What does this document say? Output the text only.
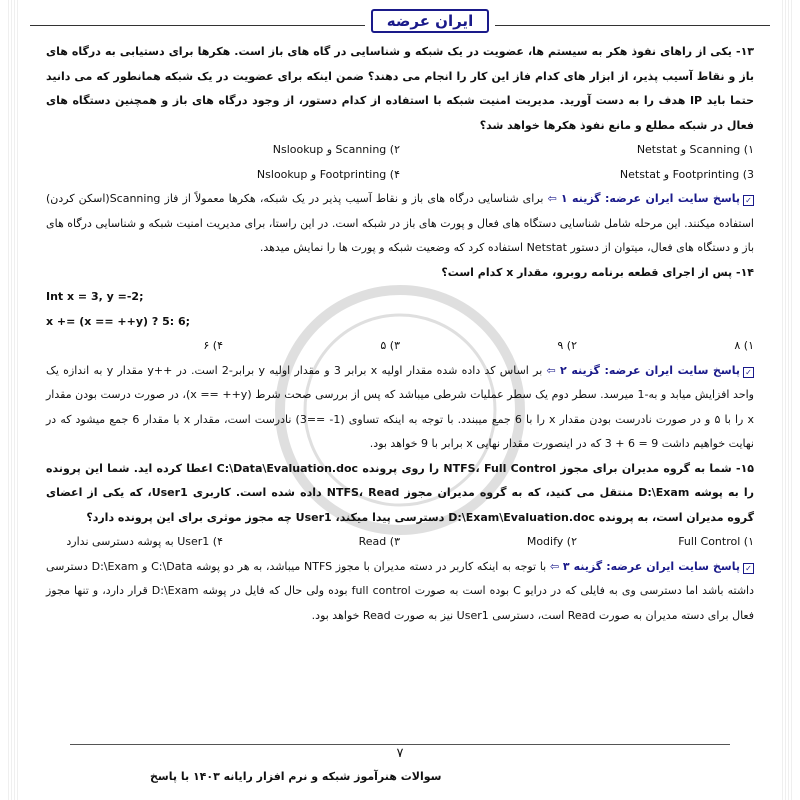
ایران عرضه

۱۳- یکی از راهای نفوذ هکر به سیستم ها، عضویت در یک شبکه و شناسایی در گاه های باز است. هکرها برای دستیابی به درگاه های باز و نقاط آسیب پذیر، از ابزار های کدام فاز این کار را انجام می دهند؟ ضمن اینکه برای عضویت در یک شبکه همانطور که می دانید حتما باید IP هدف را به دست آورید. مدیریت امنیت شبکه با استفاده از کدام دستور، از وجود درگاه های باز و همچنین دستگاه های فعال در شبکه مطلع و مانع نفوذ هکرها خواهد شد؟

۱) Scanning و Netstat
۲) Scanning و Nslookup
3) Footprinting و Netstat
۴) Footprinting و Nslookup

✓پاسخ سایت ایران عرضه: گزینه ۱ ⇦ برای شناسایی درگاه های باز و نقاط آسیب پذیر در یک شبکه، هکرها معمولاً از فاز Scanning(اسکن کردن) استفاده میکنند. این مرحله شامل شناسایی دستگاه های فعال و پورت های باز در شبکه است. در این راستا، برای مدیریت امنیت شبکه و شناسایی درگاه های باز و دستگاه های فعال، میتوان از دستور Netstat استفاده کرد که وضعیت شبکه و پورت ها را نمایش میدهد.

۱۴- پس از اجرای قطعه برنامه روبرو، مقدار x کدام است؟

Int x = 3, y =-2;

x += (x == ++y) ? 5: 6;

۱) ۸
۲) ۹
۳) ۵
۴) ۶

✓پاسخ سایت ایران عرضه: گزینه ۲ ⇦ بر اساس کد داده شده مقدار اولیه x برابر 3 و مقدار اولیه y برابر-2 است. در ++y مقدار y به اندازه یک واحد افزایش میابد و به-1 میرسد. سطر دوم یک سطر عملیات شرطی میباشد که پس از بررسی صحت شرط (x == ++y)، در صورت درست بودن مقدار x را با ۵ و در صورت نادرست بودن مقدار x را با 6 جمع میبندد. با توجه به اینکه تساوی (1- ==3) نادرست است، مقدار x با مقدار 6 جمع میشود که در نهایت خواهیم داشت 9 = 6 + 3 که در اینصورت مقدار نهایی x برابر با 9 خواهد بود.

۱۵- شما به گروه مدیران برای مجوز NTFS، Full Control را روی پرونده C:\Data\Evaluation.doc اعطا کرده اید. شما این پرونده را به پوشه D:\Exam منتقل می کنید، که به گروه مدیران مجوز NTFS، Read داده شده است. کاربری User1، که یکی از اعضای گروه مدیران است، به پرونده D:\Exam\Evaluation.doc دسترسی پیدا میکند، User1 چه مجوز موثری برای این پرونده دارد؟

۱) Full Control
۲) Modify
۳) Read
۴) User1 به پوشه دسترسی ندارد

✓پاسخ سایت ایران عرضه: گزینه ۳ ⇦ با توجه به اینکه کاربر در دسته مدیران با مجوز NTFS میباشد، به هر دو پوشه C:\Data و D:\Exam دسترسی داشته باشد اما دسترسی وی به فایلی که در درایو C بوده است به صورت full control بوده ولی حال که فایل در پوشه D:\Exam قرار دارد، و تنها مجوز فعال برای دسته مدیران به صورت Read است، دسترسی User1 نیز به صورت Read خواهد بود.

۷
سوالات هنرآموز شبکه و نرم افزار رایانه ۱۴۰۳ با پاسخ
